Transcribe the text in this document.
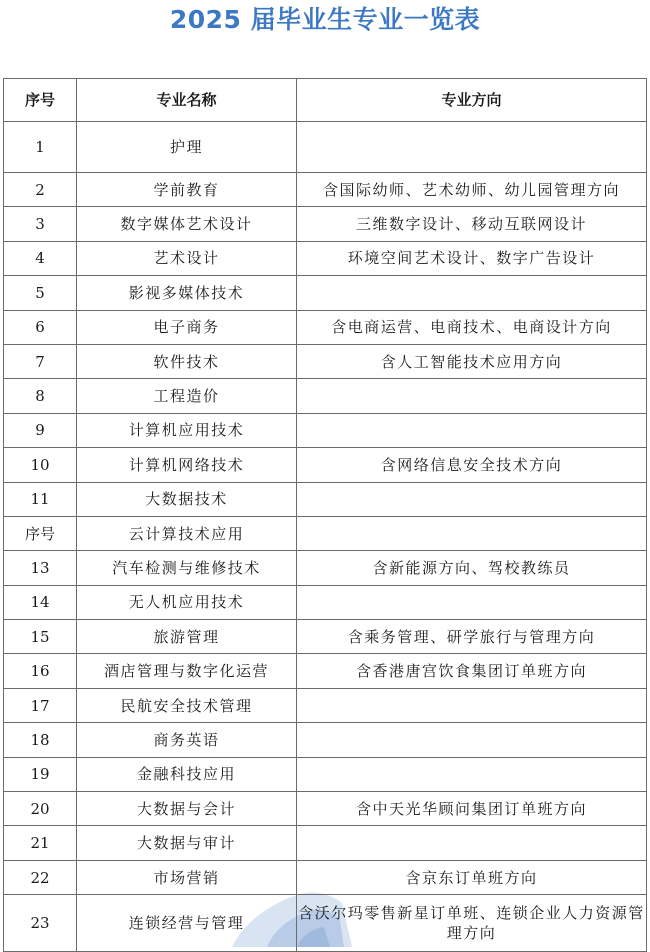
2025 届毕业生专业一览表
序号	专业名称	专业方向
1	护理	
2	学前教育	含国际幼师、艺术幼师、幼儿园管理方向
3	数字媒体艺术设计	三维数字设计、移动互联网设计
4	艺术设计	环境空间艺术设计、数字广告设计
5	影视多媒体技术	
6	电子商务	含电商运营、电商技术、电商设计方向
7	软件技术	含人工智能技术应用方向
8	工程造价	
9	计算机应用技术	
10	计算机网络技术	含网络信息安全技术方向
11	大数据技术	
序号	云计算技术应用	
13	汽车检测与维修技术	含新能源方向、驾校教练员
14	无人机应用技术	
15	旅游管理	含乘务管理、研学旅行与管理方向
16	酒店管理与数字化运营	含香港唐宫饮食集团订单班方向
17	民航安全技术管理	
18	商务英语	
19	金融科技应用	
20	大数据与会计	含中天光华顾问集团订单班方向
21	大数据与审计	
22	市场营销	含京东订单班方向
23	连锁经营与管理	含沃尔玛零售新星订单班、连锁企业人力资源管理方向
